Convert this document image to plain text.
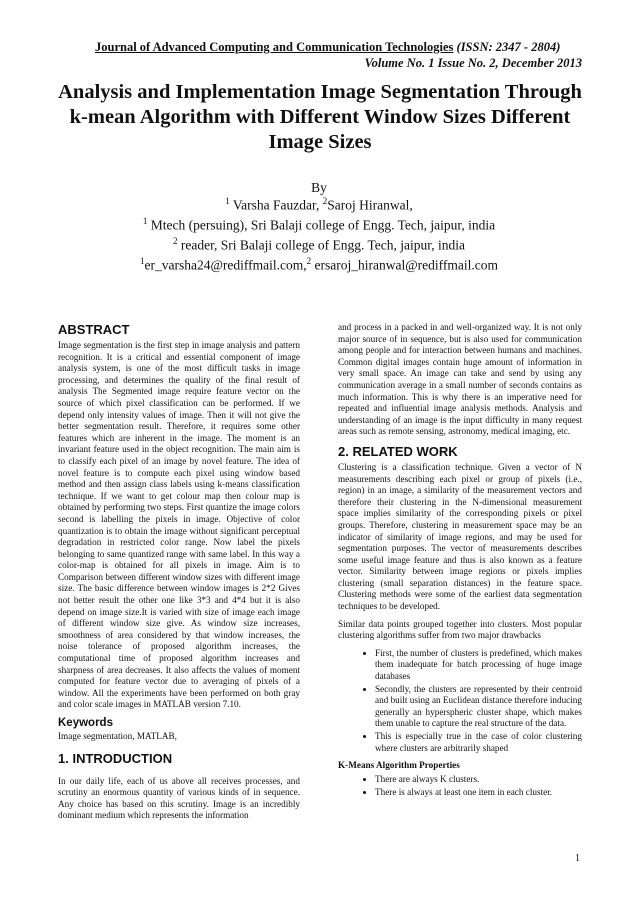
Journal of Advanced Computing and Communication Technologies (ISSN: 2347 - 2804)
Volume No. 1 Issue No. 2, December 2013
Analysis and Implementation Image Segmentation Through k-mean Algorithm with Different Window Sizes Different Image Sizes
By
$^1$ Varsha Fauzdar, $^2$Saroj Hiranwal,
$^1$ Mtech (persuing), Sri Balaji college of Engg. Tech, jaipur, india
$^2$ reader, Sri Balaji college of Engg. Tech, jaipur, india
$^1$er_varsha24@rediffmail.com,$^2$ ersaroj_hiranwal@rediffmail.com
ABSTRACT

Image segmentation is the first step in image analysis and pattern recognition. It is a critical and essential component of image analysis system, is one of the most difficult tasks in image processing, and determines the quality of the final result of analysis The Segmented image require feature vector on the source of which pixel classification can be performed. If we depend only intensity values of image. Then it will not give the better segmentation result. Therefore, it requires some other features which are inherent in the image. The moment is an invariant feature used in the object recognition. The main aim is to classify each pixel of an image by novel feature. The idea of novel feature is to compute each pixel using window based method and then assign class labels using k-means classification technique. If we want to get colour map then colour map is obtained by performing two steps. First quantize the image colors second is labelling the pixels in image. Objective of color quantization is to obtain the image without significant perceptual degradation in restricted color range. Now label the pixels belonging to same quantized range with same label. In this way a color-map is obtained for all pixels in image. Aim is to Comparison between different window sizes with different image size. The basic difference between window images is 2*2 Gives not better result the other one like 3*3 and 4*4 but it is also depend on image size.It is varied with size of image each image of different window size give. As window size increases, smoothness of area considered by that window increases, the noise tolerance of proposed algorithm increases, the computational time of proposed algorithm increases and sharpness of area decreases. It also affects the values of moment computed for feature vector due to averaging of pixels of a window. All the experiments have been performed on both gray and color scale images in MATLAB version 7.10.

Keywords

Image segmentation, MATLAB,

1. INTRODUCTION

In our daily life, each of us above all receives processes, and scrutiny an enormous quantity of various kinds of in sequence. Any choice has based on this scrutiny. Image is an incredibly dominant medium which represents the information

and process in a packed in and well-organized way. It is not only major source of in sequence, but is also used for communication among people and for interaction between humans and machines. Common digital images contain huge amount of information in very small space. An image can take and send by using any communication average in a small number of seconds contains as much information. This is why there is an imperative need for repeated and influential image analysis methods. Analysis and understanding of an image is the input difficulty in many request areas such as remote sensing, astronomy, medical imaging, etc.

2. RELATED WORK

Clustering is a classification technique. Given a vector of N measurements describing each pixel or group of pixels (i.e., region) in an image, a similarity of the measurement vectors and therefore their clustering in the N-dimensional measurement space implies similarity of the corresponding pixels or pixel groups. Therefore, clustering in measurement space may be an indicator of similarity of image regions, and may be used for segmentation purposes. The vector of measurements describes some useful image feature and thus is also known as a feature vector. Similarity between image regions or pixels implies clustering (small separation distances) in the feature space. Clustering methods were some of the earliest data segmentation techniques to be developed.

Similar data points grouped together into clusters. Most popular clustering algorithms suffer from two major drawbacks

• First, the number of clusters is predefined, which makes them inadequate for batch processing of huge image databases
• Secondly, the clusters are represented by their centroid and built using an Euclidean distance therefore inducing generally an hyperspheric cluster shape, which makes them unable to capture the real structure of the data.
• This is especially true in the case of color clustering where clusters are arbitrarily shaped
K-Means Algorithm Properties
• There are always K clusters.
• There is always at least one item in each cluster.
1
